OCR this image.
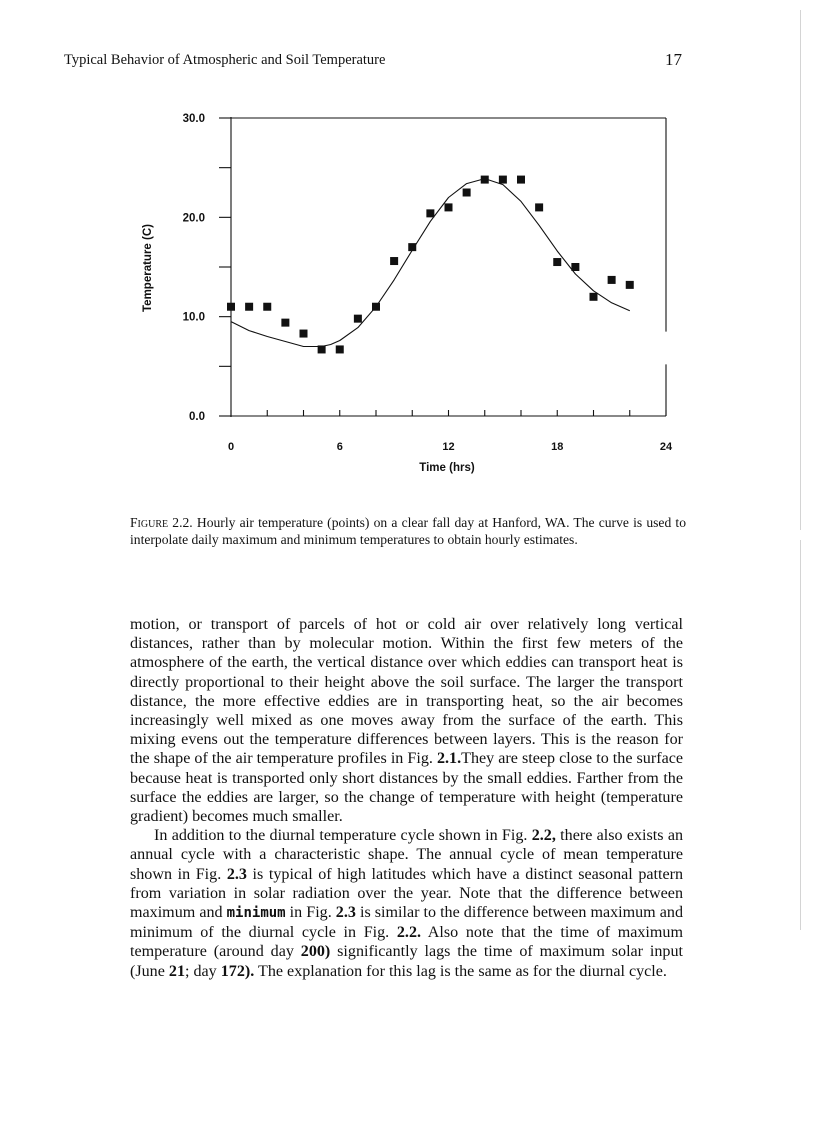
Typical Behavior of Atmospheric and Soil Temperature	17
0.0
10.0
20.0
30.0
0	6	12	18	24
Time (hrs)
Temperature (C)
Figure 2.2. Hourly air temperature (points) on a clear fall day at Hanford, WA. The curve is used to interpolate daily maximum and minimum temperatures to obtain hourly estimates.

motion, or transport of parcels of hot or cold air over relatively long vertical distances, rather than by molecular motion. Within the first few meters of the atmosphere of the earth, the vertical distance over which eddies can transport heat is directly proportional to their height above the soil surface. The larger the transport distance, the more effective eddies are in transporting heat, so the air becomes increasingly well mixed as one moves away from the surface of the earth. This mixing evens out the temperature differences between layers. This is the reason for the shape of the air temperature profiles in Fig. 2.1.They are steep close to the surface because heat is transported only short distances by the small eddies. Farther from the surface the eddies are larger, so the change of temperature with height (temperature gradient) becomes much smaller.

In addition to the diurnal temperature cycle shown in Fig. 2.2, there also exists an annual cycle with a characteristic shape. The annual cycle of mean temperature shown in Fig. 2.3 is typical of high latitudes which have a distinct seasonal pattern from variation in solar radiation over the year. Note that the difference between maximum and minimum in Fig. 2.3 is similar to the difference between maximum and minimum of the diurnal cycle in Fig. 2.2. Also note that the time of maximum temperature (around day 200) significantly lags the time of maximum solar input (June 21; day 172). The explanation for this lag is the same as for the diurnal cycle.
